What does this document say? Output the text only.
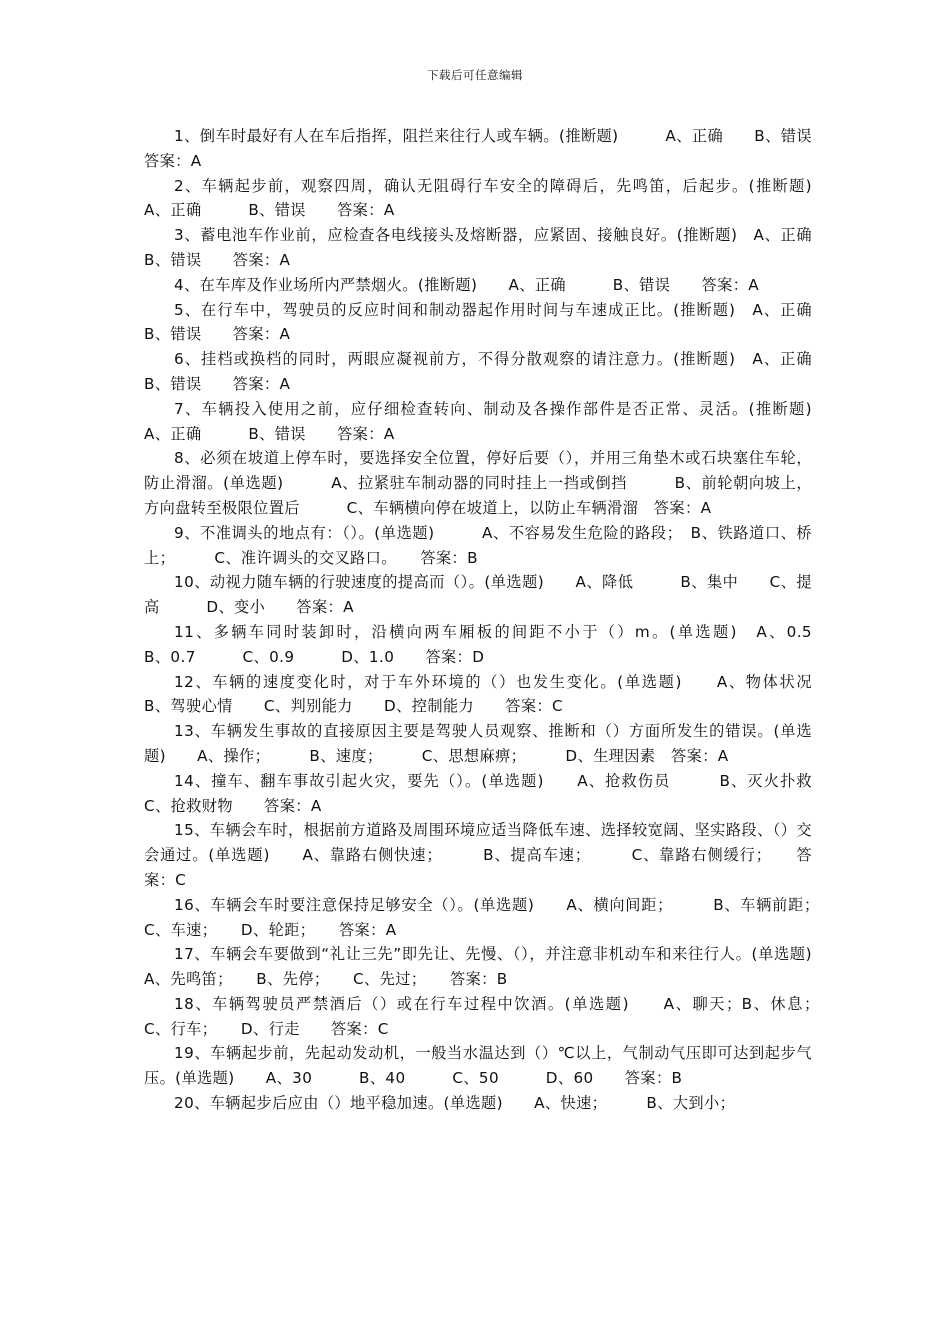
下载后可任意编辑

1、倒车时最好有人在车后指挥，阻拦来往行人或车辆。(推断题)　　　A、正确　　B、错误　　答案：A

2、车辆起步前，观察四周，确认无阻碍行车安全的障碍后，先鸣笛，后起步。(推断题)　　A、正确　　　B、错误　　答案：A

3、蓄电池车作业前，应检查各电线接头及熔断器，应紧固、接触良好。(推断题)　A、正确　　　B、错误　　答案：A

4、在车库及作业场所内严禁烟火。(推断题)　　A、正确　　　B、错误　　答案：A

5、在行车中，驾驶员的反应时间和制动器起作用时间与车速成正比。(推断题)　A、正确　　　B、错误　　答案：A

6、挂档或换档的同时，两眼应凝视前方，不得分散观察的请注意力。(推断题)　A、正确　　　B、错误　　答案：A

7、车辆投入使用之前，应仔细检查转向、制动及各操作部件是否正常、灵活。(推断题)　　A、正确　　　B、错误　　答案：A

8、必须在坡道上停车时，要选择安全位置，停好后要（），并用三角垫木或石块塞住车轮，防止滑溜。(单选题)　　　A、拉紧驻车制动器的同时挂上一挡或倒挡　　　B、前轮朝向坡上，方向盘转至极限位置后　　　C、车辆横向停在坡道上，以防止车辆滑溜　答案：A

9、不准调头的地点有：（）。(单选题)　　　A、不容易发生危险的路段；　B、铁路道口、桥上；　　　C、准许调头的交叉路口。　　答案：B

10、动视力随车辆的行驶速度的提高而（）。(单选题)　　A、降低　　　B、集中　　C、提高　　　D、变小　　答案：A

11、多辆车同时装卸时，沿横向两车厢板的间距不小于（）m。(单选题)　A、0.5　　　B、0.7　　　C、0.9　　　D、1.0　　答案：D

12、车辆的速度变化时，对于车外环境的（）也发生变化。(单选题)　　A、物体状况　　B、驾驶心情　　C、判别能力　　D、控制能力　　答案：C

13、车辆发生事故的直接原因主要是驾驶人员观察、推断和（）方面所发生的错误。(单选题)　　A、操作；　　　B、速度；　　　C、思想麻痹；　　　D、生理因素　答案：A

14、撞车、翻车事故引起火灾，要先（）。(单选题)　　A、抢救伤员　　　B、灭火扑救　　C、抢救财物　　答案：A

15、车辆会车时，根据前方道路及周围环境应适当降低车速、选择较宽阔、坚实路段、（）交会通过。(单选题)　　A、靠路右侧快速；　　　B、提高车速；　　　C、靠路右侧缓行；　　答案：C

16、车辆会车时要注意保持足够安全（）。(单选题)　　A、横向间距；　　　B、车辆前距；　　C、车速；　　D、轮距；　　答案：A

17、车辆会车要做到“礼让三先”即先让、先慢、（），并注意非机动车和来往行人。(单选题)　　A、先鸣笛；　　B、先停；　　C、先过；　　答案：B

18、车辆驾驶员严禁酒后（）或在行车过程中饮酒。(单选题)　　A、聊天；B、休息；　　C、行车；　　D、行走　　答案：C

19、车辆起步前，先起动发动机，一般当水温达到（）℃以上，气制动气压即可达到起步气压。(单选题)　　A、30　　　B、40　　　C、50　　　D、60　　答案：B

20、车辆起步后应由（）地平稳加速。(单选题)　　A、快速；　　　B、大到小；
